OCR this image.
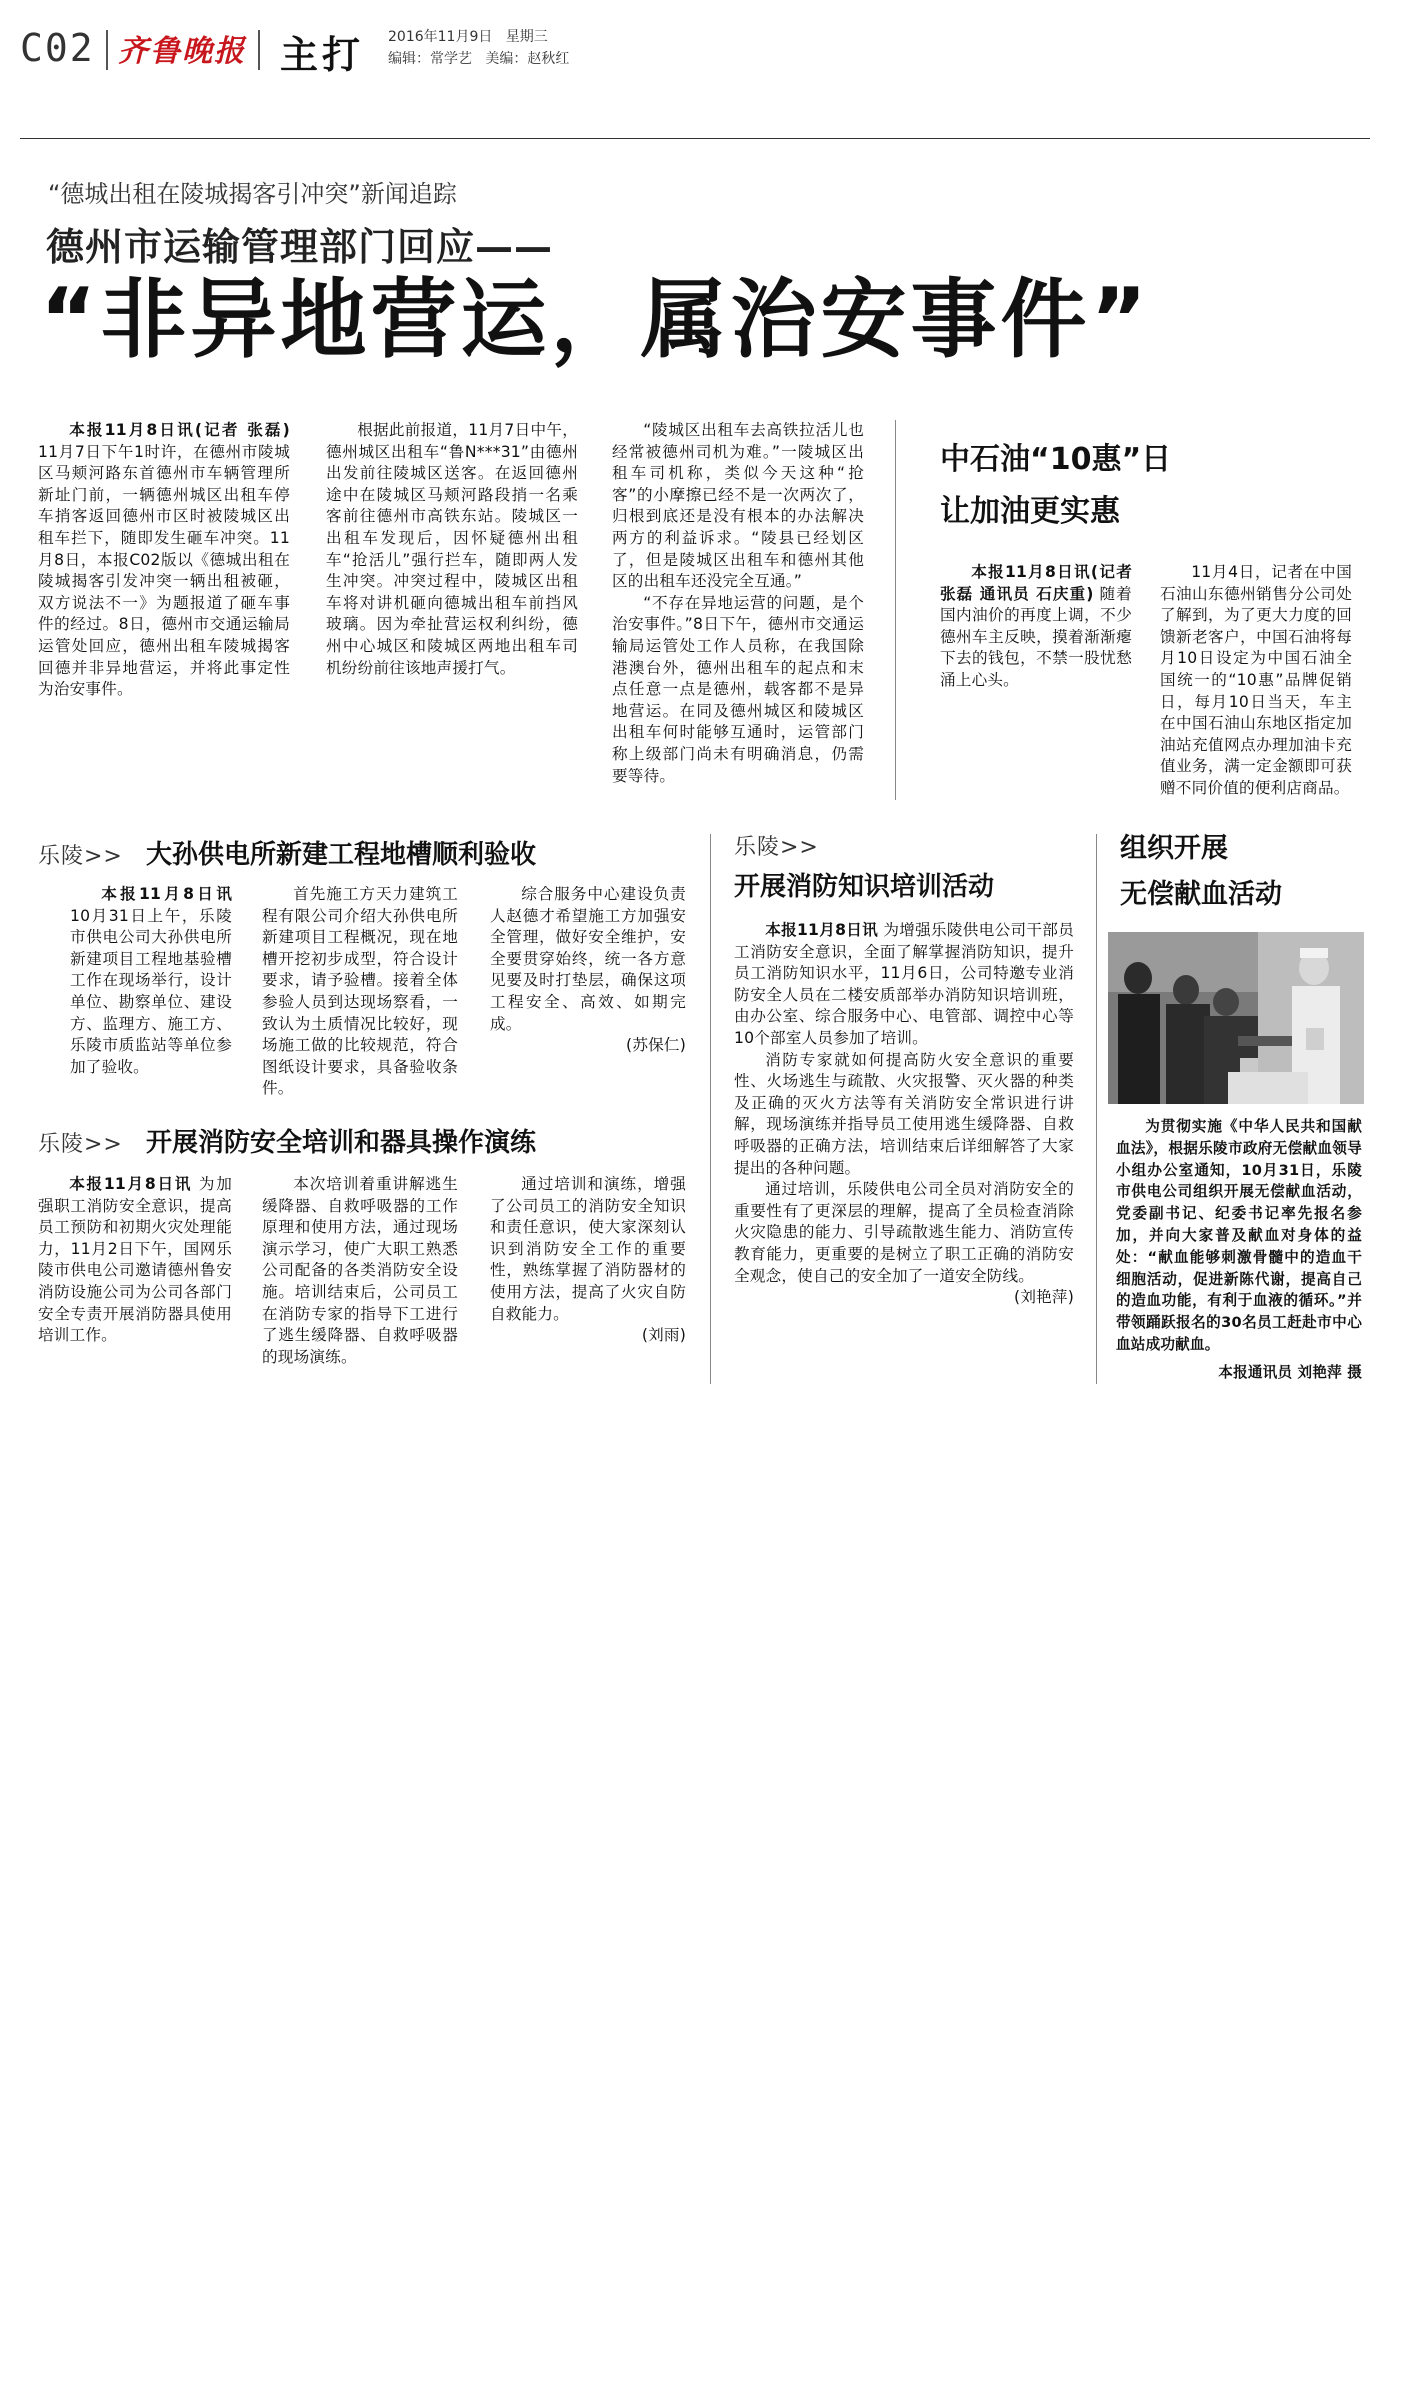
C02 齐鲁晚报 主打 2016年11月9日 星期三
编辑：常学艺 美编：赵秋红
“德城出租在陵城揭客引冲突”新闻追踪
德州市运输管理部门回应——
“非异地营运，属治安事件”

本报11月8日讯(记者 张磊) 11月7日下午1时许，在德州市陵城区马颊河路东首德州市车辆管理所新址门前，一辆德州城区出租车停车捎客返回德州市区时被陵城区出租车拦下，随即发生砸车冲突。11月8日，本报C02版以《德城出租在陵城揭客引发冲突一辆出租被砸，双方说法不一》为题报道了砸车事件的经过。8日，德州市交通运输局运管处回应，德州出租车陵城揭客回德并非异地营运，并将此事定性为治安事件。

根据此前报道，11月7日中午，德州城区出租车“鲁N***31”由德州出发前往陵城区送客。在返回德州途中在陵城区马颊河路段捎一名乘客前往德州市高铁东站。陵城区一出租车发现后，因怀疑德州出租车“抢活儿”强行拦车，随即两人发生冲突。冲突过程中，陵城区出租车将对讲机砸向德城出租车前挡风玻璃。因为牵扯营运权利纠纷，德州中心城区和陵城区两地出租车司机纷纷前往该地声援打气。

“陵城区出租车去高铁拉活儿也经常被德州司机为难。”一陵城区出租车司机称，类似今天这种“抢客”的小摩擦已经不是一次两次了，归根到底还是没有根本的办法解决两方的利益诉求。“陵县已经划区了，但是陵城区出租车和德州其他区的出租车还没完全互通。”

“不存在异地运营的问题，是个治安事件。”8日下午，德州市交通运输局运管处工作人员称，在我国除港澳台外，德州出租车的起点和末点任意一点是德州，载客都不是异地营运。在同及德州城区和陵城区出租车何时能够互通时，运管部门称上级部门尚未有明确消息，仍需要等待。

中石油“10惠”日
让加油更实惠

本报11月8日讯(记者 张磊 通讯员 石庆重) 随着国内油价的再度上调，不少德州车主反映，摸着渐渐瘪下去的钱包，不禁一股忧愁涌上心头。

11月4日，记者在中国石油山东德州销售分公司处了解到，为了更大力度的回馈新老客户，中国石油将每月10日设定为中国石油全国统一的“10惠”品牌促销日，每月10日当天，车主在中国石油山东地区指定加油站充值网点办理加油卡充值业务，满一定金额即可获赠不同价值的便利店商品。

乐陵>> 大孙供电所新建工程地槽顺利验收

本报11月8日讯 10月31日上午，乐陵市供电公司大孙供电所新建项目工程地基验槽工作在现场举行，设计单位、勘察单位、建设方、监理方、施工方、乐陵市质监站等单位参加了验收。

首先施工方天力建筑工程有限公司介绍大孙供电所新建项目工程概况，现在地槽开挖初步成型，符合设计要求，请予验槽。接着全体参验人员到达现场察看，一致认为土质情况比较好，现场施工做的比较规范，符合图纸设计要求，具备验收条件。

综合服务中心建设负责人赵德才希望施工方加强安全管理，做好安全维护，安全要贯穿始终，统一各方意见要及时打垫层，确保这项工程安全、高效、如期完成。

(苏保仁)
乐陵>> 开展消防安全培训和器具操作演练

本报11月8日讯 为加强职工消防安全意识，提高员工预防和初期火灾处理能力，11月2日下午，国网乐陵市供电公司邀请德州鲁安消防设施公司为公司各部门安全专责开展消防器具使用培训工作。

本次培训着重讲解逃生缓降器、自救呼吸器的工作原理和使用方法，通过现场演示学习，使广大职工熟悉公司配备的各类消防安全设施。培训结束后，公司员工在消防专家的指导下工进行了逃生缓降器、自救呼吸器的现场演练。

通过培训和演练，增强了公司员工的消防安全知识和责任意识，使大家深刻认识到消防安全工作的重要性，熟练掌握了消防器材的使用方法，提高了火灾自防自救能力。

(刘雨)
乐陵>>
开展消防知识培训活动

本报11月8日讯 为增强乐陵供电公司干部员工消防安全意识，全面了解掌握消防知识，提升员工消防知识水平，11月6日，公司特邀专业消防安全人员在二楼安质部举办消防知识培训班，由办公室、综合服务中心、电管部、调控中心等10个部室人员参加了培训。

消防专家就如何提高防火安全意识的重要性、火场逃生与疏散、火灾报警、灭火器的种类及正确的灭火方法等有关消防安全常识进行讲解，现场演练并指导员工使用逃生缓降器、自救呼吸器的正确方法，培训结束后详细解答了大家提出的各种问题。

通过培训，乐陵供电公司全员对消防安全的重要性有了更深层的理解，提高了全员检查消除火灾隐患的能力、引导疏散逃生能力、消防宣传教育能力，更重要的是树立了职工正确的消防安全观念，使自己的安全加了一道安全防线。
(刘艳萍)

组织开展
无偿献血活动

为贯彻实施《中华人民共和国献血法》，根据乐陵市政府无偿献血领导小组办公室通知，10月31日，乐陵市供电公司组织开展无偿献血活动，党委副书记、纪委书记率先报名参加，并向大家普及献血对身体的益处：“献血能够刺激骨髓中的造血干细胞活动，促进新陈代谢，提高自己的造血功能，有利于血液的循环。”并带领踊跃报名的30名员工赶赴市中心血站成功献血。

本报通讯员 刘艳萍 摄
